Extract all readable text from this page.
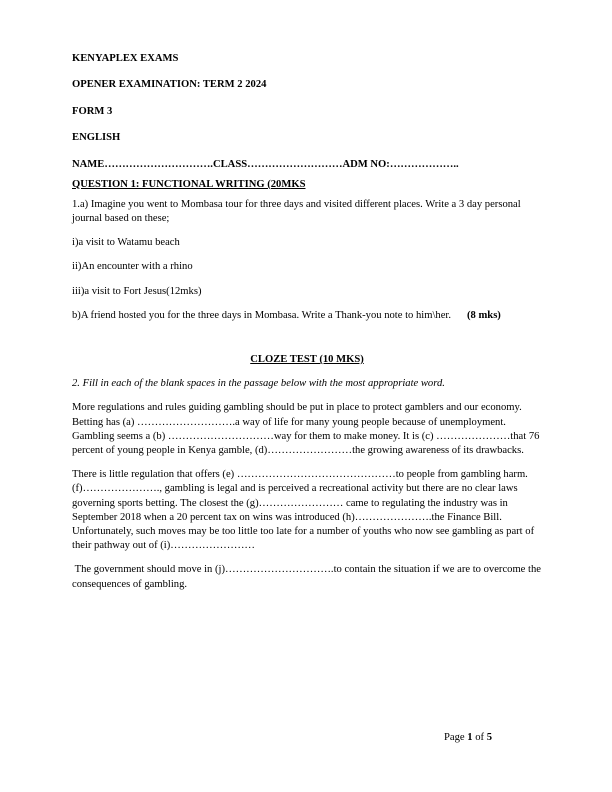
KENYAPLEX EXAMS
OPENER EXAMINATION: TERM 2 2024
FORM 3
ENGLISH
NAME………………………….CLASS………………………ADM NO:………………..
QUESTION 1: FUNCTIONAL WRITING (20MKS

1.a) Imagine you went to Mombasa tour for three days and visited different places. Write a 3 day personal journal based on these;

i)a visit to Watamu beach

ii)An encounter with a rhino

iii)a visit to Fort Jesus(12mks)

b)A friend hosted you for the three days in Mombasa. Write a Thank-you note to him\her. (8 mks)

CLOZE TEST (10 MKS)
2. Fill in each of the blank spaces in the passage below with the most appropriate word.

More regulations and rules guiding gambling should be put in place to protect gamblers and our economy. Betting has (a) ……………………….a way of life for many young people because of unemployment. Gambling seems a (b) …………………………way for them to make money. It is (c) …………………that 76 percent of young people in Kenya gamble, (d)……………………the growing awareness of its drawbacks.

There is little regulation that offers (e) ………………………………………to people from gambling harm.(f)…………………., gambling is legal and is perceived a recreational activity but there are no clear laws governing sports betting. The closest the (g)…………………… came to regulating the industry was in September 2018 when a 20 percent tax on wins was introduced (h)………………….the Finance Bill. Unfortunately, such moves may be too little too late for a number of youths who now see gambling as part of their pathway out of (i)……………………

The government should move in (j)………………………….to contain the situation if we are to overcome the consequences of gambling.

Page 1 of 5
